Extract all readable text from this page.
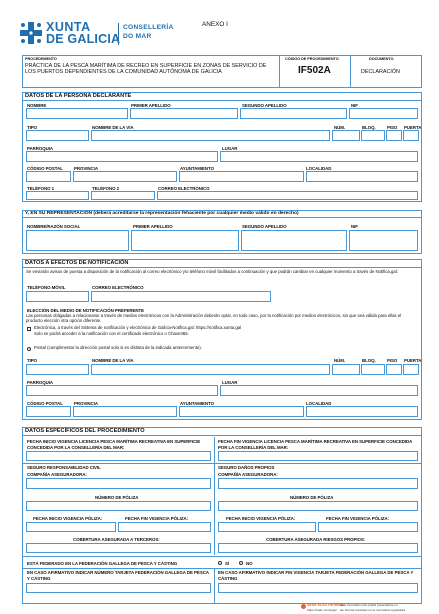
XUNTA
DE GALICIA
CONSELLERÍA
DO MAR
ANEXO I
PROCEDEMENTO
PRÁCTICA DE LA PESCA MARÍTIMA DE RECREO EN SUPERFICIE EN ZONAS DE SERVICIO DE LOS PUERTOS DEPENDIENTES DE LA COMUNIDAD AUTÓNOMA DE GALICIA
CÓDIGO DE PROCEDIMIENTO
IF502A
DOCUMENTO
DECLARACIÓN
DATOS DE LA PERSONA DECLARANTE
NOMBRE	PRIMER APELLIDO	SEGUNDO APELLIDO	NIF
TIPO	NOMBRE DE LA VÍA	NÚM.	BLOQ.	PISO PUERTA
PARROQUIA	LUGAR
CÓDIGO POSTAL	PROVINCIA	AYUNTAMIENTO	LOCALIDAD
TELÉFONO 1	TELÉFONO 2	CORREO ELECTRÓNICO
Y, EN SU REPRESENTACIÓN (deberá acreditarse la representación fehaciente por cualquier medio válido en derecho)
NOMBRE/RAZÓN SOCIAL	PRIMER APELLIDO	SEGUNDO APELLIDO	NIF
DATOS A EFECTOS DE NOTIFICACIÓN
Se enviarán avisos de puesta a disposición de la notificación al correo electrónico y/o teléfono móvil facilitados a continuación y que podrán cambiar en cualquier momento a través de Notifica.gal:
TELÉFONO MÓVIL	CORREO ELECTRÓNICO
ELECCIÓN DEL MEDIO DE NOTIFICACIÓN PREFERENTE
Las personas obligadas a relacionarse a través de medios electrónicos con la Administración deberán optar, en todo caso, por la notificación por medios electrónicos, sin que sea válida para ellas el producto elección otra opción diferente.
Electrónica, a través del Sistema de notificación y electrónica de Galicia-Notifica.gal: https://notifica.xunta.gal
Solo se podrá acceder a la notificación con el certificado electrónico o Chave365.
Postal (cumplimentar la dirección postal solo si es distinta de la indicada anteriormente).
TIPO	NOMBRE DE LA VÍA	NÚM.	BLOQ.	PISO PUERTA
PARROQUIA	LUGAR
CÓDIGO POSTAL	PROVINCIA	AYUNTAMIENTO	LOCALIDAD
DATOS ESPECÍFICOS DEL PROCEDIMIENTO
FECHA INICIO VIGENCIA LICENCIA PESCA MARÍTIMA RECREATIVA EN SUPERFICIE CONCEDIDA POR LA CONSELLERÍA DEL MAR:
FECHA FIN VIGENCIA LICENCIA PESCA MARÍTIMA RECREATIVA EN SUPERFICIE CONCEDIDA POR LA CONSELLERÍA DEL MAR:
SEGURO RESPONSABILIDAD CIVIL	SEGURO DAÑOS PROPIOS
COMPAÑÍA ASEGURADORA:	COMPAÑÍA ASEGURADORA:
NÚMERO DE PÓLIZA	NÚMERO DE PÓLIZA
FECHA INICIO VIGENCIA PÓLIZA:	FECHA FIN VIGENCIA PÓLIZA:	FECHA INICIO VIGENCIA PÓLIZA:	FECHA FIN VIGENCIA PÓLIZA:
COBERTURA ASEGURADA A TERCEROS:	COBERTURA ASEGURADA RIESGOS PROPIOS:
ESTÁ FEDERADO EN LA FEDERACIÓN GALLEGA DE PESCA Y CÁSTING	SÍ	NO
EN CASO AFIRMATIVO INDICAR NÚMERO TARJETA FEDERACIÓN GALLEGA DE PESCA Y CÁSTING
EN CASO AFIRMATIVO INDICAR FIN VIGENCIA TARJETA FEDERACIÓN GALLEGA DE PESCA Y CÁSTING
SEDE ELECTRÓNICA
https://sede.xunta.gal
Este formulario sólo podrá presentarse en
las formas previstas en la normativa reguladora
